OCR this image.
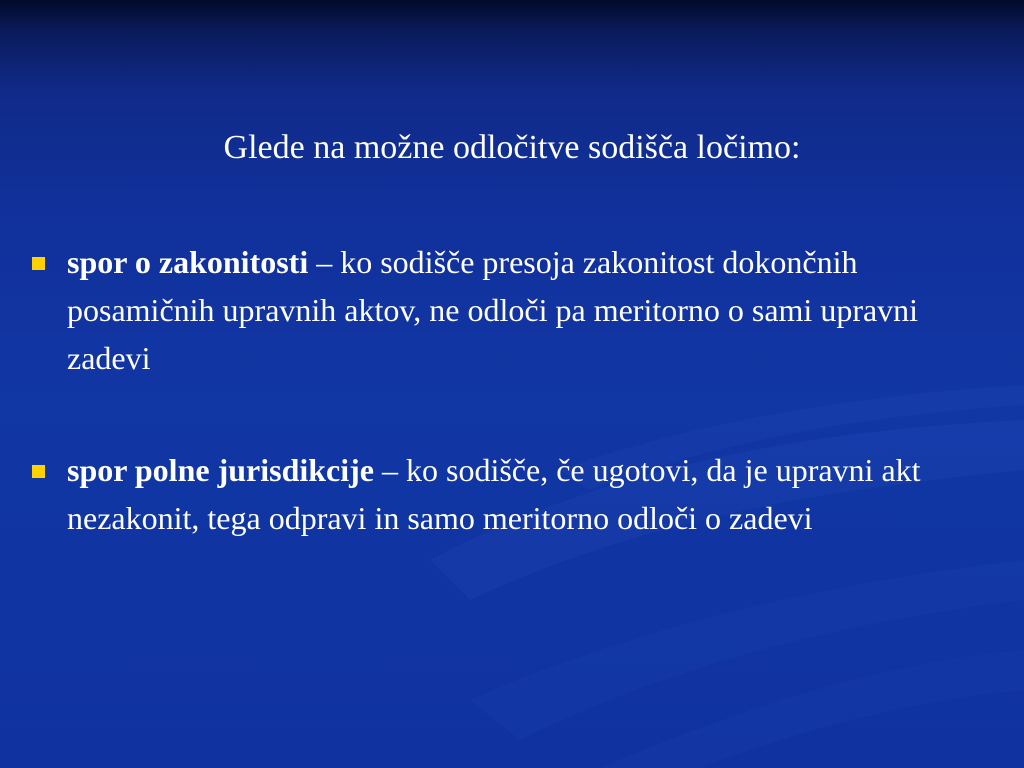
Glede na možne odločitve sodišča ločimo:
spor o zakonitosti – ko sodišče presoja zakonitost dokončnih posamičnih upravnih aktov, ne odloči pa meritorno o sami upravni zadevi
spor polne jurisdikcije – ko sodišče, če ugotovi, da je upravni akt nezakonit, tega odpravi in samo meritorno odloči o zadevi
